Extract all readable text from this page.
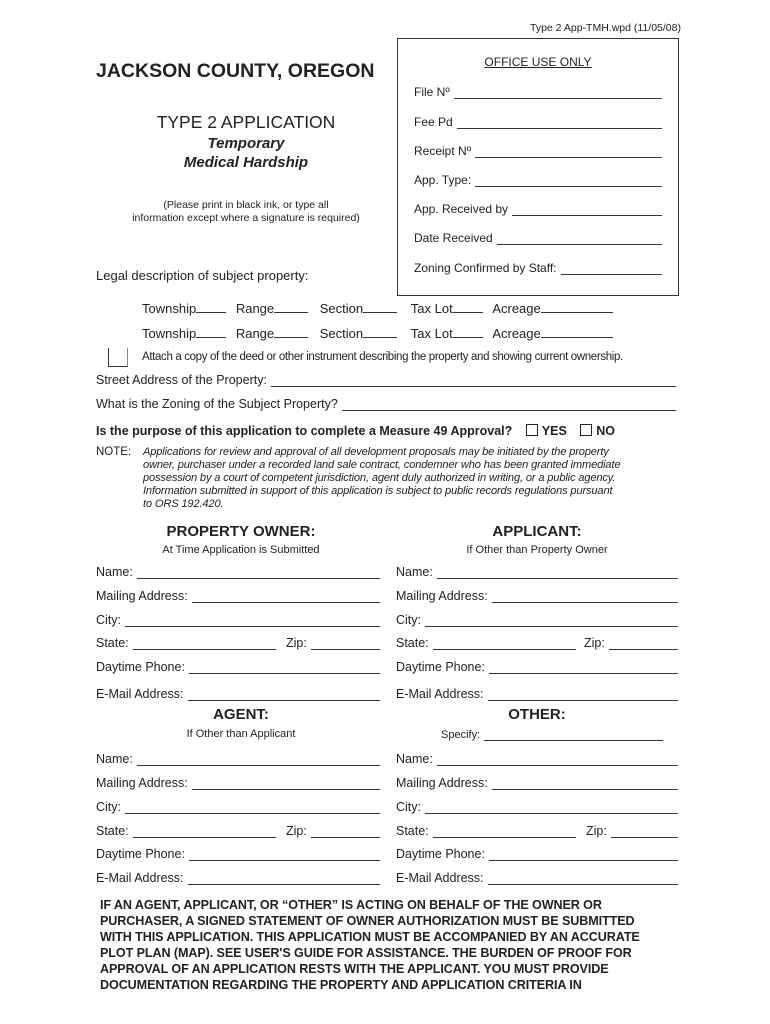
Type 2 App-TMH.wpd (11/05/08)
JACKSON COUNTY, OREGON
TYPE 2 APPLICATION
Temporary
Medical Hardship
(Please print in black ink, or type all
information except where a signature is required)
OFFICE USE ONLY
File Nº
Fee Pd
Receipt Nº
App. Type:
App. Received by
Date Received
Zoning Confirmed by Staff:
Legal description of subject property:
Township	Range	Section	Tax Lot	Acreage
Township	Range	Section	Tax Lot	Acreage
Attach a copy of the deed or other instrument describing the property and showing current ownership.
Street Address of the Property:
What is the Zoning of the Subject Property?
Is the purpose of this application to complete a Measure 49 Approval? YES NO
NOTE: Applications for review and approval of all development proposals may be initiated by the property
owner, purchaser under a recorded land sale contract, condemner who has been granted immediate
possession by a court of competent jurisdiction, agent duly authorized in writing, or a public agency.
Information submitted in support of this application is subject to public records regulations pursuant
to ORS 192.420.
PROPERTY OWNER:
At Time Application is Submitted
APPLICANT:
If Other than Property Owner
Name:
Mailing Address:
City:
State:	Zip:
Daytime Phone:
E-Mail Address:
Name:
Mailing Address:
City:
State:	Zip:
Daytime Phone:
E-Mail Address:
AGENT:
If Other than Applicant
OTHER:
Specify:
Name:
Mailing Address:
City:
State:	Zip:
Daytime Phone:
E-Mail Address:
Name:
Mailing Address:
City:
State:	Zip:
Daytime Phone:
E-Mail Address:
IF AN AGENT, APPLICANT, OR “OTHER” IS ACTING ON BEHALF OF THE OWNER OR
PURCHASER, A SIGNED STATEMENT OF OWNER AUTHORIZATION MUST BE SUBMITTED
WITH THIS APPLICATION. THIS APPLICATION MUST BE ACCOMPANIED BY AN ACCURATE
PLOT PLAN (MAP). SEE USER'S GUIDE FOR ASSISTANCE. THE BURDEN OF PROOF FOR
APPROVAL OF AN APPLICATION RESTS WITH THE APPLICANT. YOU MUST PROVIDE
DOCUMENTATION REGARDING THE PROPERTY AND APPLICATION CRITERIA IN
